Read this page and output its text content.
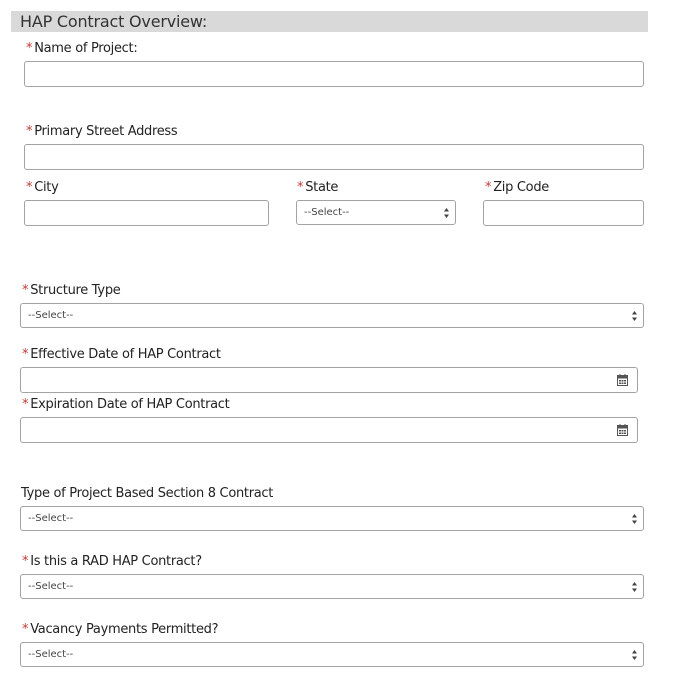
HAP Contract Overview:
* Name of Project:
* Primary Street Address
* City	* State
--Select--
* Zip Code
* Structure Type
--Select--
* Effective Date of HAP Contract
* Expiration Date of HAP Contract
Type of Project Based Section 8 Contract
--Select--
* Is this a RAD HAP Contract?
--Select--
* Vacancy Payments Permitted?
--Select--
